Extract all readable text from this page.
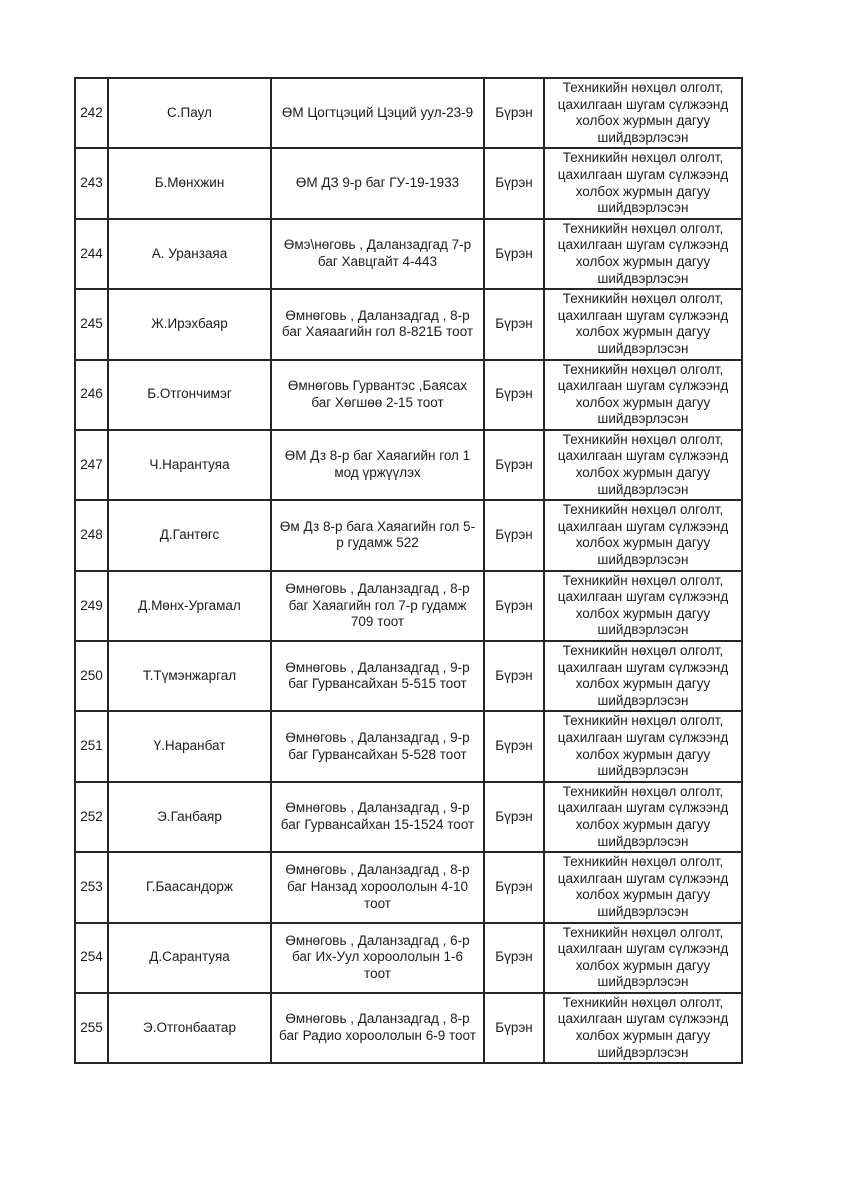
242	С.Паул	ӨМ Цогтцэций Цэций уул-23-9	Бүрэн	Техникийн нөхцөл олголт, цахилгаан шугам сүлжээнд холбох журмын дагуу шийдвэрлэсэн
243	Б.Мөнхжин	ӨМ ДЗ 9-р баг ГУ-19-1933	Бүрэн	Техникийн нөхцөл олголт, цахилгаан шугам сүлжээнд холбох журмын дагуу шийдвэрлэсэн
244	А. Уранзаяа	Өмэ\нөговь , Даланзадгад 7-р баг Хавцгайт 4-443	Бүрэн	Техникийн нөхцөл олголт, цахилгаан шугам сүлжээнд холбох журмын дагуу шийдвэрлэсэн
245	Ж.Ирэхбаяр	Өмнөговь , Даланзадгад , 8-р баг Хаяаагийн гол 8-821Б тоот	Бүрэн	Техникийн нөхцөл олголт, цахилгаан шугам сүлжээнд холбох журмын дагуу шийдвэрлэсэн
246	Б.Отгончимэг	Өмнөговь Гурвантэс ,Баясах баг Хөгшөө 2-15 тоот	Бүрэн	Техникийн нөхцөл олголт, цахилгаан шугам сүлжээнд холбох журмын дагуу шийдвэрлэсэн
247	Ч.Нарантуяа	ӨМ Дз 8-р баг Хаяагийн гол 1 мод үржүүлэх	Бүрэн	Техникийн нөхцөл олголт, цахилгаан шугам сүлжээнд холбох журмын дагуу шийдвэрлэсэн
248	Д.Гантөгс	Өм Дз 8-р бага Хаяагийн гол 5-р гудамж 522	Бүрэн	Техникийн нөхцөл олголт, цахилгаан шугам сүлжээнд холбох журмын дагуу шийдвэрлэсэн
249	Д.Мөнх-Ургамал	Өмнөговь , Даланзадгад , 8-р баг Хаяагийн гол 7-р гудамж 709 тоот	Бүрэн	Техникийн нөхцөл олголт, цахилгаан шугам сүлжээнд холбох журмын дагуу шийдвэрлэсэн
250	Т.Түмэнжаргал	Өмнөговь , Даланзадгад , 9-р баг Гурвансайхан 5-515 тоот	Бүрэн	Техникийн нөхцөл олголт, цахилгаан шугам сүлжээнд холбох журмын дагуу шийдвэрлэсэн
251	Ү.Наранбат	Өмнөговь , Даланзадгад , 9-р баг Гурвансайхан 5-528 тоот	Бүрэн	Техникийн нөхцөл олголт, цахилгаан шугам сүлжээнд холбох журмын дагуу шийдвэрлэсэн
252	Э.Ганбаяр	Өмнөговь , Даланзадгад , 9-р баг Гурвансайхан 15-1524 тоот	Бүрэн	Техникийн нөхцөл олголт, цахилгаан шугам сүлжээнд холбох журмын дагуу шийдвэрлэсэн
253	Г.Баасандорж	Өмнөговь , Даланзадгад , 8-р баг Нанзад хороололын 4-10 тоот	Бүрэн	Техникийн нөхцөл олголт, цахилгаан шугам сүлжээнд холбох журмын дагуу шийдвэрлэсэн
254	Д.Сарантуяа	Өмнөговь , Даланзадгад , 6-р баг Их-Уул хороололын 1-6 тоот	Бүрэн	Техникийн нөхцөл олголт, цахилгаан шугам сүлжээнд холбох журмын дагуу шийдвэрлэсэн
255	Э.Отгонбаатар	Өмнөговь , Даланзадгад , 8-р баг Радио хороололын 6-9 тоот	Бүрэн	Техникийн нөхцөл олголт, цахилгаан шугам сүлжээнд холбох журмын дагуу шийдвэрлэсэн
